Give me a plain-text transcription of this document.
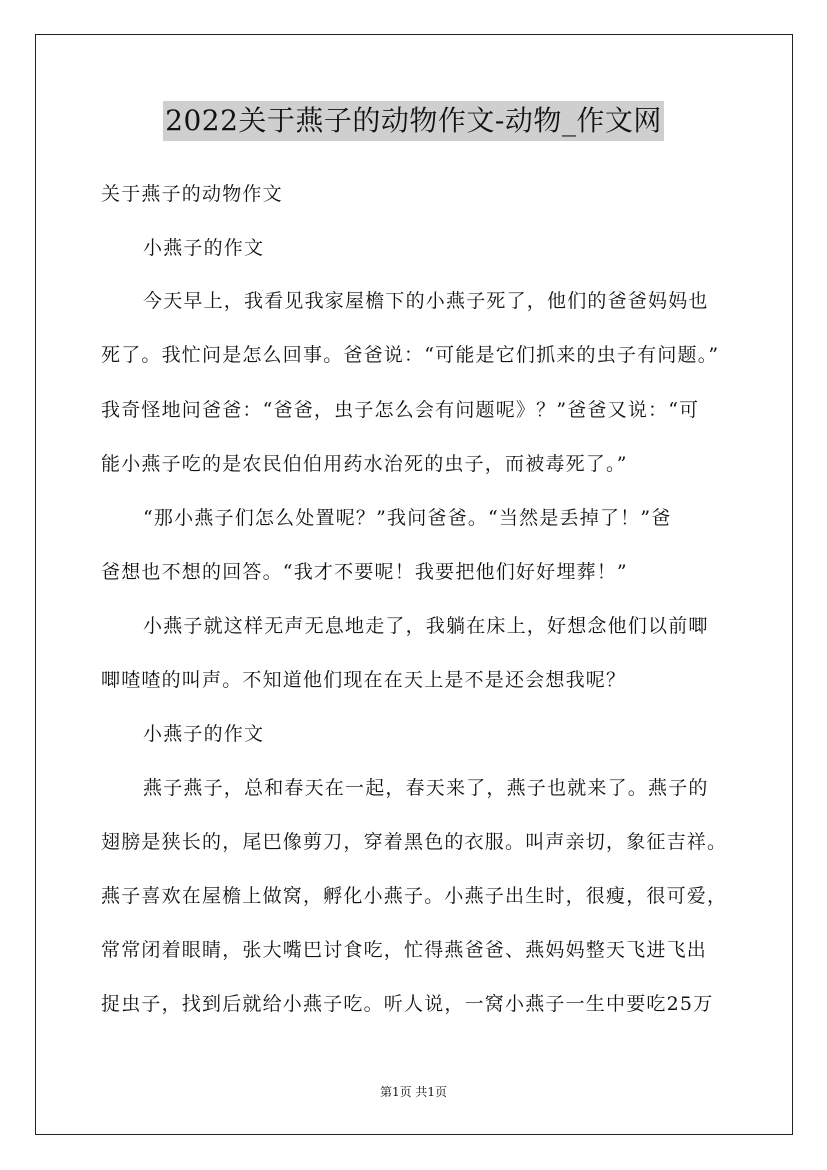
2022关于燕子的动物作文-动物_作文网
关于燕子的动物作文
小燕子的作文
今天早上，我看见我家屋檐下的小燕子死了，他们的爸爸妈妈也
死了。我忙问是怎么回事。爸爸说：“可能是它们抓来的虫子有问题。”
我奇怪地问爸爸：“爸爸，虫子怎么会有问题呢》？”爸爸又说：“可
能小燕子吃的是农民伯伯用药水治死的虫子，而被毒死了。”
“那小燕子们怎么处置呢？”我问爸爸。“当然是丢掉了！”爸
爸想也不想的回答。“我才不要呢！我要把他们好好埋葬！”
小燕子就这样无声无息地走了，我躺在床上，好想念他们以前唧
唧喳喳的叫声。不知道他们现在在天上是不是还会想我呢？
小燕子的作文
燕子燕子，总和春天在一起，春天来了，燕子也就来了。燕子的
翅膀是狭长的，尾巴像剪刀，穿着黑色的衣服。叫声亲切，象征吉祥。
燕子喜欢在屋檐上做窝，孵化小燕子。小燕子出生时，很瘦，很可爱，
常常闭着眼睛，张大嘴巴讨食吃，忙得燕爸爸、燕妈妈整天飞进飞出
捉虫子，找到后就给小燕子吃。听人说，一窝小燕子一生中要吃25万
第1页 共1页
